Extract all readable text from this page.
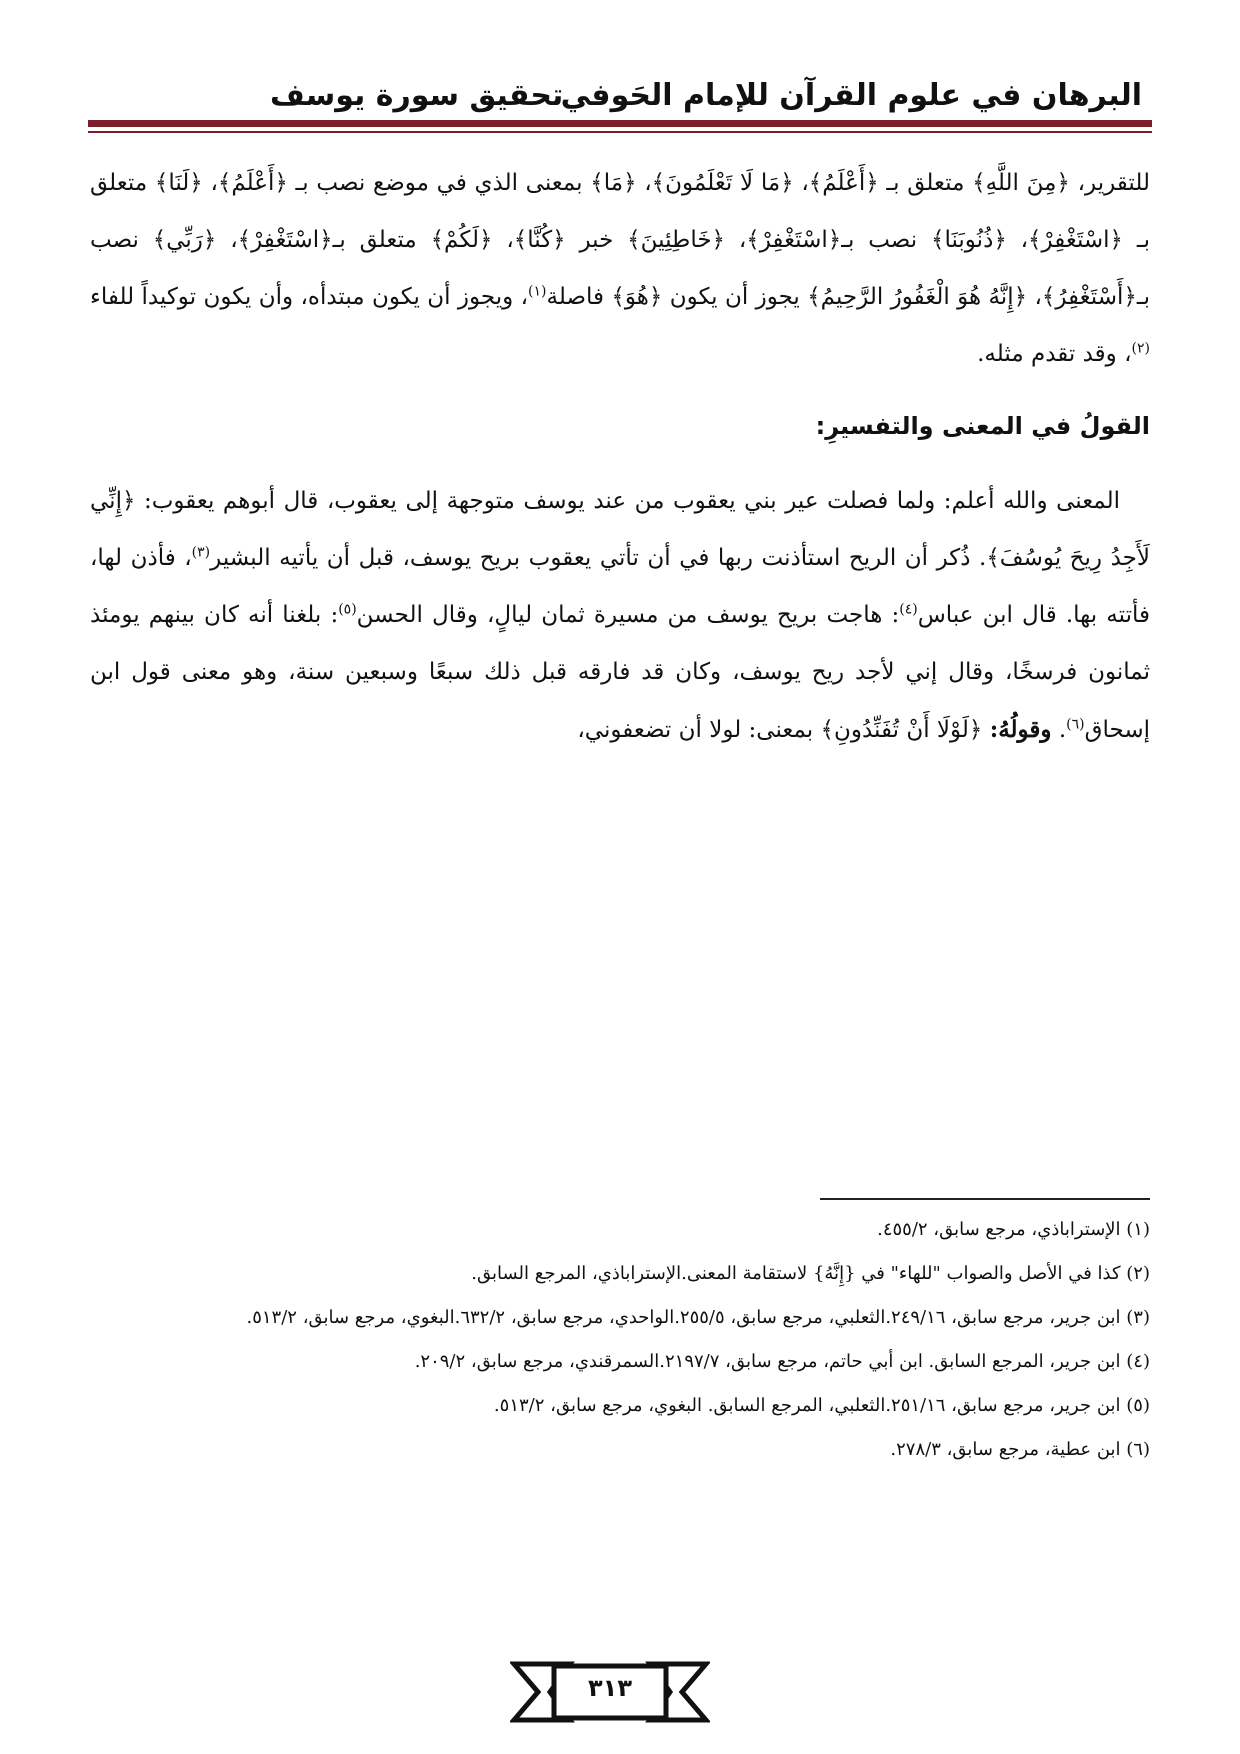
البرهان في علوم القرآن للإمام الحَوفي
تحقيق سورة يوسف

للتقرير، ﴿مِنَ اللَّهِ﴾ متعلق بـ ﴿أَعْلَمُ﴾، ﴿مَا لَا تَعْلَمُونَ﴾، ﴿مَا﴾ بمعنى الذي في موضع نصب بـ ﴿أَعْلَمُ﴾، ﴿لَنَا﴾ متعلق بـ ﴿اسْتَغْفِرْ﴾، ﴿ذُنُوبَنَا﴾ نصب بـ﴿اسْتَغْفِرْ﴾، ﴿خَاطِئِينَ﴾ خبر ﴿كُنَّا﴾، ﴿لَكُمْ﴾ متعلق بـ﴿اسْتَغْفِرْ﴾، ﴿رَبِّي﴾ نصب بـ﴿أَسْتَغْفِرُ﴾، ﴿إِنَّهُ هُوَ الْغَفُورُ الرَّحِيمُ﴾ يجوز أن يكون ﴿هُوَ﴾ فاصلة$^{(١)}$، ويجوز أن يكون مبتدأه، وأن يكون توكيداً للفاء $^{(٢)}$، وقد تقدم مثله.

القولُ في المعنى والتفسيرِ:

المعنى والله أعلم: ولما فصلت عير بني يعقوب من عند يوسف متوجهة إلى يعقوب، قال أبوهم يعقوب: ﴿إِنِّي لَأَجِدُ رِيحَ يُوسُفَ﴾. ذُكر أن الريح استأذنت ربها في أن تأتي يعقوب بريح يوسف، قبل أن يأتيه البشير$^{(٣)}$، فأذن لها، فأتته بها. قال ابن عباس$^{(٤)}$: هاجت بريح يوسف من مسيرة ثمان ليالٍ، وقال الحسن$^{(٥)}$: بلغنا أنه كان بينهم يومئذ ثمانون فرسخًا، وقال إني لأجد ريح يوسف، وكان قد فارقه قبل ذلك سبعًا وسبعين سنة، وهو معنى قول ابن إسحاق$^{(٦)}$. وقولُهُ: ﴿لَوْلَا أَنْ تُفَنِّدُونِ﴾ بمعنى: لولا أن تضعفوني،

(١) الإستراباذي، مرجع سابق، ٤٥٥/٢.
(٢) كذا في الأصل والصواب "للهاء" في {إِنَّهُ} لاستقامة المعنى.الإستراباذي، المرجع السابق.
(٣) ابن جرير، مرجع سابق، ٢٤٩/١٦.الثعلبي، مرجع سابق، ٢٥٥/٥.الواحدي، مرجع سابق، ٦٣٢/٢.البغوي، مرجع سابق، ٥١٣/٢.
(٤) ابن جرير، المرجع السابق. ابن أبي حاتم، مرجع سابق، ٢١٩٧/٧.السمرقندي، مرجع سابق، ٢٠٩/٢.
(٥) ابن جرير، مرجع سابق، ٢٥١/١٦.الثعلبي، المرجع السابق. البغوي، مرجع سابق، ٥١٣/٢.
(٦) ابن عطية، مرجع سابق، ٢٧٨/٣.
٣١٣
